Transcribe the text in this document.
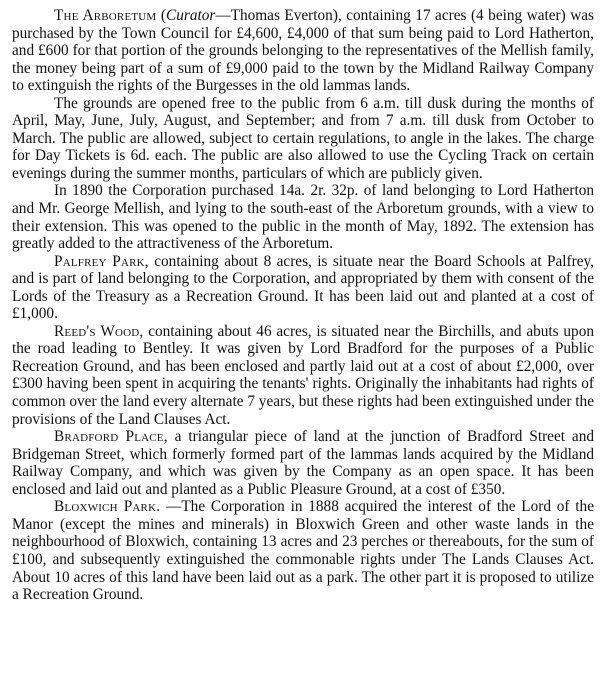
The Arboretum (Curator—Thomas Everton), containing 17 acres (4 being water) was purchased by the Town Council for £4,600, £4,000 of that sum being paid to Lord Hatherton, and £600 for that portion of the grounds belonging to the representatives of the Mellish family, the money being part of a sum of £9,000 paid to the town by the Midland Railway Company to extinguish the rights of the Burgesses in the old lammas lands.

The grounds are opened free to the public from 6 a.m. till dusk during the months of April, May, June, July, August, and September; and from 7 a.m. till dusk from October to March. The public are allowed, subject to certain regulations, to angle in the lakes. The charge for Day Tickets is 6d. each. The public are also allowed to use the Cycling Track on certain evenings during the summer months, particulars of which are publicly given.

In 1890 the Corporation purchased 14a. 2r. 32p. of land belonging to Lord Hatherton and Mr. George Mellish, and lying to the south-east of the Arboretum grounds, with a view to their extension. This was opened to the public in the month of May, 1892. The extension has greatly added to the attractiveness of the Arboretum.

Palfrey Park, containing about 8 acres, is situate near the Board Schools at Palfrey, and is part of land belonging to the Corporation, and appropriated by them with consent of the Lords of the Treasury as a Recreation Ground. It has been laid out and planted at a cost of £1,000.

Reed's Wood, containing about 46 acres, is situated near the Birchills, and abuts upon the road leading to Bentley. It was given by Lord Bradford for the purposes of a Public Recreation Ground, and has been enclosed and partly laid out at a cost of about £2,000, over £300 having been spent in acquiring the tenants' rights. Originally the inhabitants had rights of common over the land every alternate 7 years, but these rights had been extinguished under the provisions of the Land Clauses Act.

Bradford Place, a triangular piece of land at the junction of Bradford Street and Bridgeman Street, which formerly formed part of the lammas lands acquired by the Midland Railway Company, and which was given by the Company as an open space. It has been enclosed and laid out and planted as a Public Pleasure Ground, at a cost of £350.

Bloxwich Park. —The Corporation in 1888 acquired the interest of the Lord of the Manor (except the mines and minerals) in Bloxwich Green and other waste lands in the neighbourhood of Bloxwich, containing 13 acres and 23 perches or thereabouts, for the sum of £100, and subsequently extinguished the commonable rights under The Lands Clauses Act. About 10 acres of this land have been laid out as a park. The other part it is proposed to utilize a Recreation Ground.
